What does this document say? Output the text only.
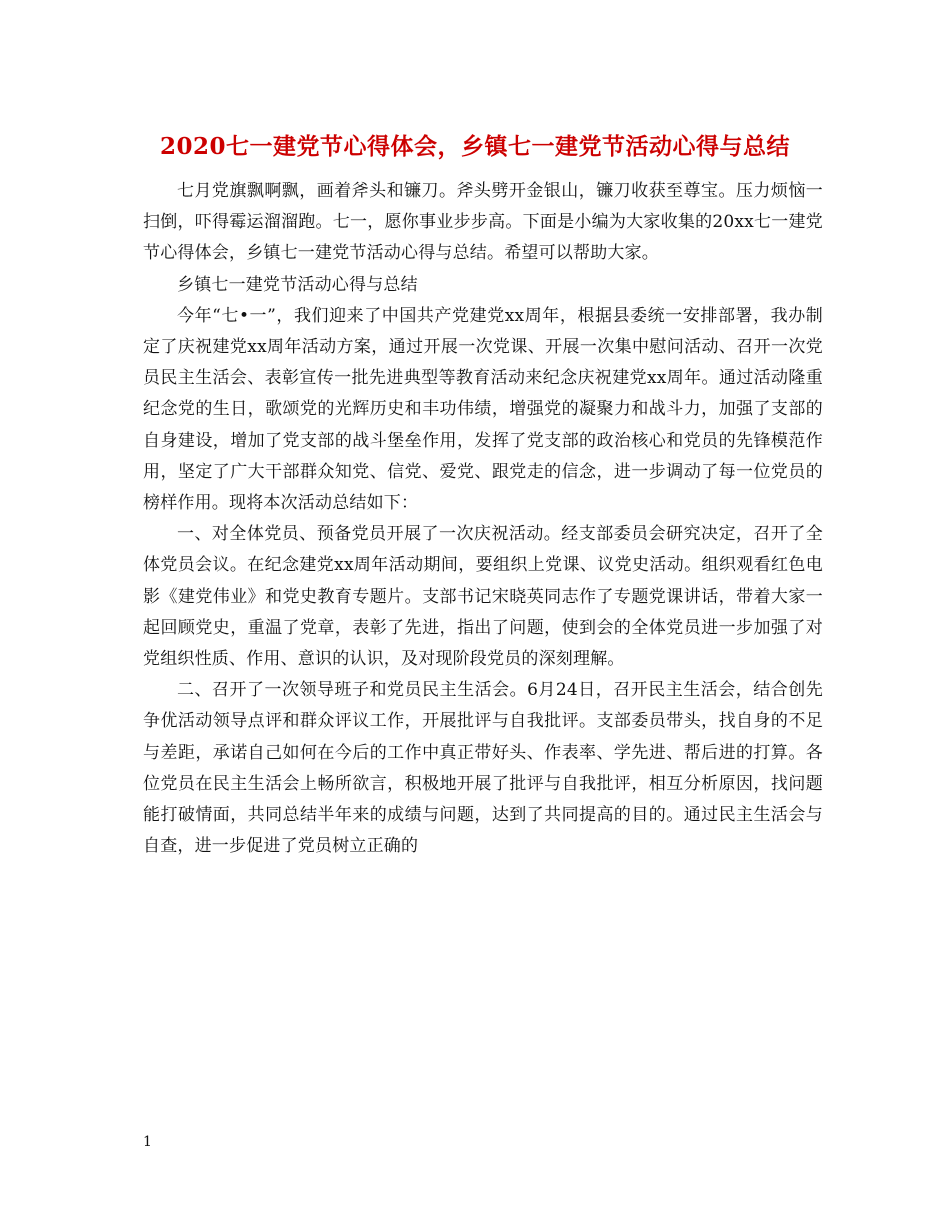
2020七一建党节心得体会，乡镇七一建党节活动心得与总结

七月党旗飘啊飘，画着斧头和镰刀。斧头劈开金银山，镰刀收获至尊宝。压力烦恼一扫倒，吓得霉运溜溜跑。七一，愿你事业步步高。下面是小编为大家收集的20xx七一建党节心得体会，乡镇七一建党节活动心得与总结。希望可以帮助大家。

乡镇七一建党节活动心得与总结

今年“七•一”，我们迎来了中国共产党建党xx周年，根据县委统一安排部署，我办制定了庆祝建党xx周年活动方案，通过开展一次党课、开展一次集中慰问活动、召开一次党员民主生活会、表彰宣传一批先进典型等教育活动来纪念庆祝建党xx周年。通过活动隆重纪念党的生日，歌颂党的光辉历史和丰功伟绩，增强党的凝聚力和战斗力，加强了支部的自身建设，增加了党支部的战斗堡垒作用，发挥了党支部的政治核心和党员的先锋模范作用，坚定了广大干部群众知党、信党、爱党、跟党走的信念，进一步调动了每一位党员的榜样作用。现将本次活动总结如下：

一、对全体党员、预备党员开展了一次庆祝活动。经支部委员会研究决定，召开了全体党员会议。在纪念建党xx周年活动期间，要组织上党课、议党史活动。组织观看红色电影《建党伟业》和党史教育专题片。支部书记宋晓英同志作了专题党课讲话，带着大家一起回顾党史，重温了党章，表彰了先进，指出了问题，使到会的全体党员进一步加强了对党组织性质、作用、意识的认识，及对现阶段党员的深刻理解。

二、召开了一次领导班子和党员民主生活会。6月24日，召开民主生活会，结合创先争优活动领导点评和群众评议工作，开展批评与自我批评。支部委员带头，找自身的不足与差距，承诺自己如何在今后的工作中真正带好头、作表率、学先进、帮后进的打算。各位党员在民主生活会上畅所欲言，积极地开展了批评与自我批评，相互分析原因，找问题能打破情面，共同总结半年来的成绩与问题，达到了共同提高的目的。通过民主生活会与自查，进一步促进了党员树立正确的

1
